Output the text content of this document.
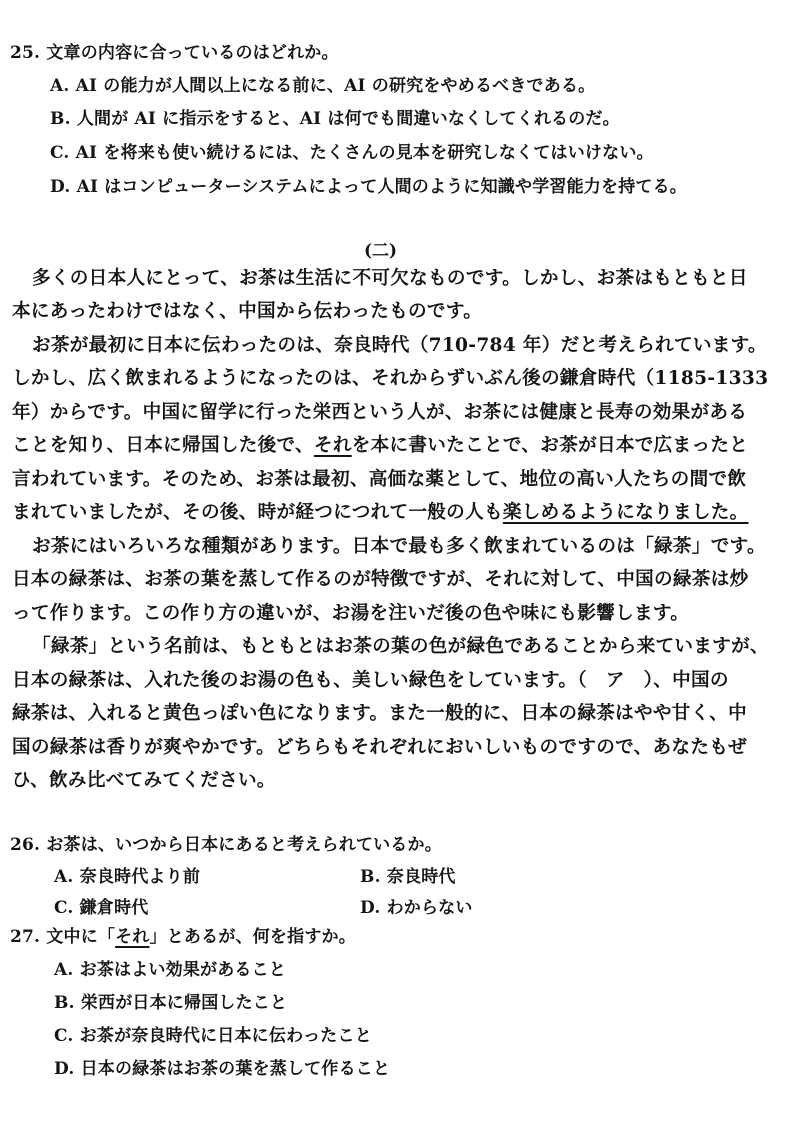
25. 文章の内容に合っているのはどれか。
A. AI の能力が人間以上になる前に、AI の研究をやめるべきである。
B. 人間が AI に指示をすると、AI は何でも間違いなくしてくれるのだ。
C. AI を将来も使い続けるには、たくさんの見本を研究しなくてはいけない。
D. AI はコンピューターシステムによって人間のように知識や学習能力を持てる。
(二)
多くの日本人にとって、お茶は生活に不可欠なものです。しかし、お茶はもともと日
本にあったわけではなく、中国から伝わったものです。
お茶が最初に日本に伝わったのは、奈良時代（710-784 年）だと考えられています。
しかし、広く飲まれるようになったのは、それからずいぶん後の鎌倉時代（1185-1333
年）からです。中国に留学に行った栄西という人が、お茶には健康と長寿の効果がある
ことを知り、日本に帰国した後で、それを本に書いたことで、お茶が日本で広まったと
言われています。そのため、お茶は最初、高価な薬として、地位の高い人たちの間で飲
まれていましたが、その後、時が経つにつれて一般の人も楽しめるようになりました。
お茶にはいろいろな種類があります。日本で最も多く飲まれているのは「緑茶」です。
日本の緑茶は、お茶の葉を蒸して作るのが特徴ですが、それに対して、中国の緑茶は炒
って作ります。この作り方の違いが、お湯を注いだ後の色や味にも影響します。
「緑茶」という名前は、もともとはお茶の葉の色が緑色であることから来ていますが、
日本の緑茶は、入れた後のお湯の色も、美しい緑色をしています。（　ア　）、中国の
緑茶は、入れると黄色っぽい色になります。また一般的に、日本の緑茶はやや甘く、中
国の緑茶は香りが爽やかです。どちらもそれぞれにおいしいものですので、あなたもぜ
ひ、飲み比べてみてください。
26. お茶は、いつから日本にあると考えられているか。
A. 奈良時代より前	B. 奈良時代
C. 鎌倉時代	D. わからない
27. 文中に「それ」とあるが、何を指すか。
A. お茶はよい効果があること
B. 栄西が日本に帰国したこと
C. お茶が奈良時代に日本に伝わったこと
D. 日本の緑茶はお茶の葉を蒸して作ること
